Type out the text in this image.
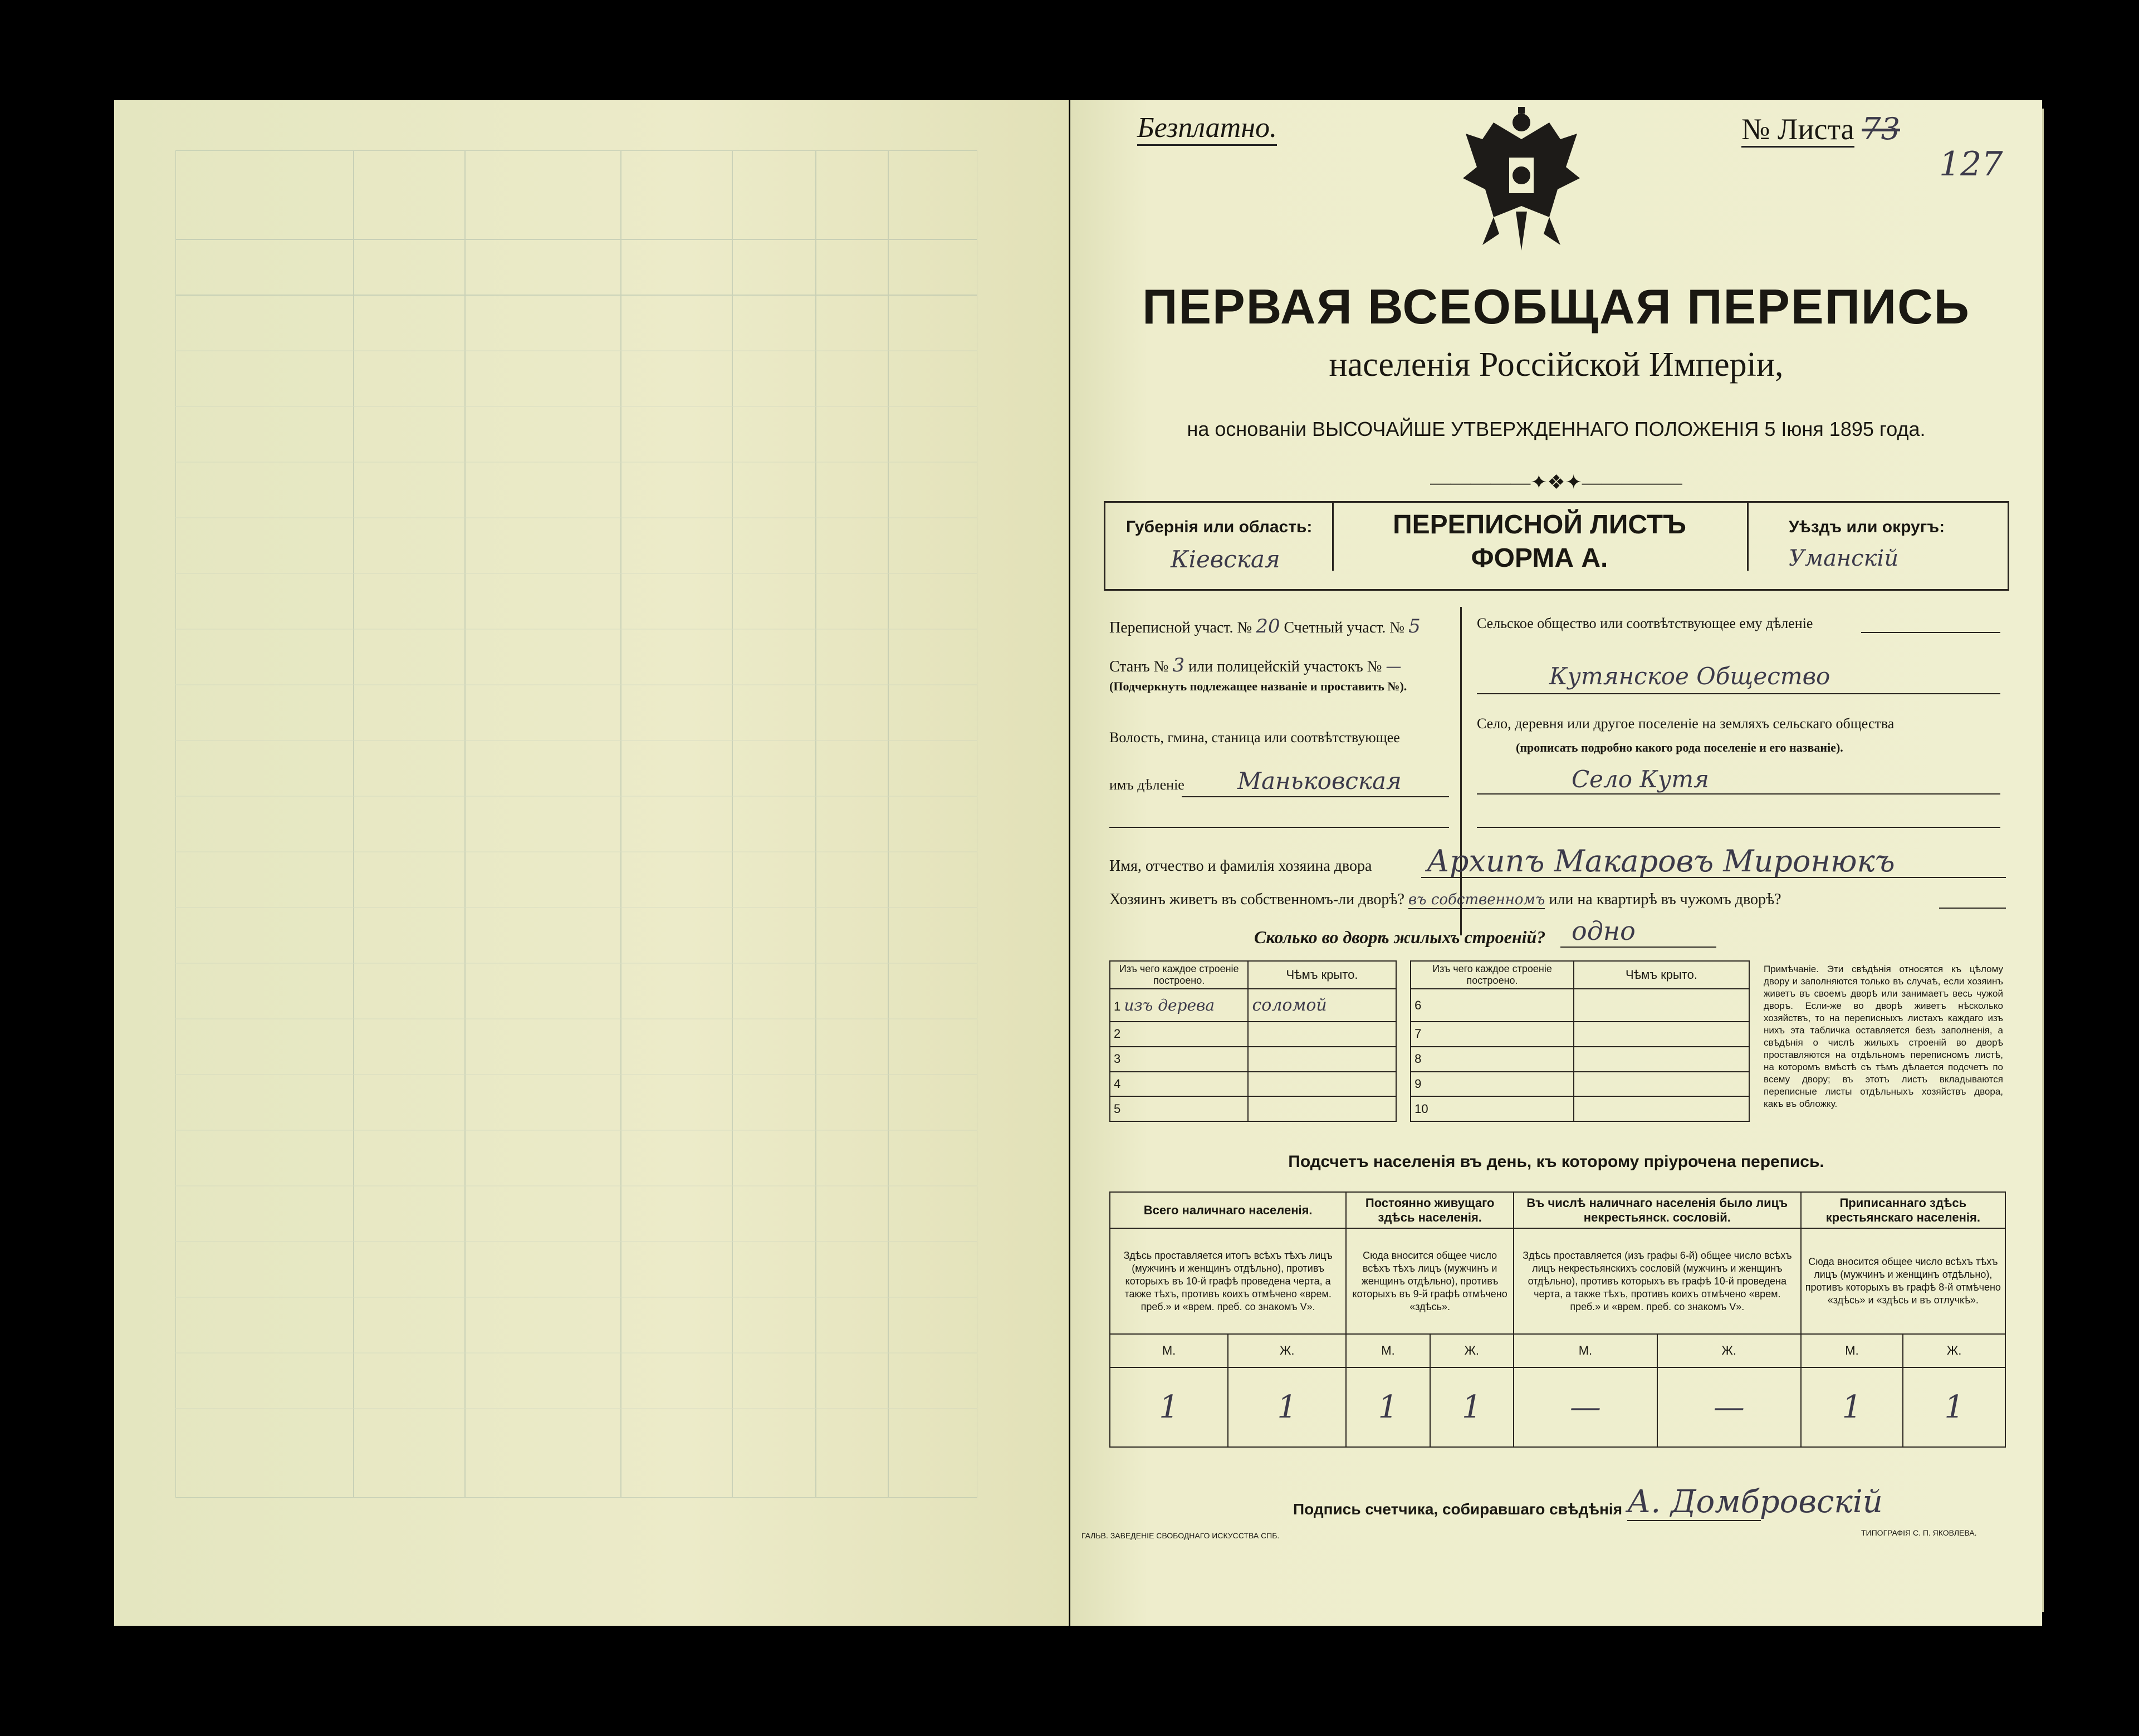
Безплатно.	№ Листа 73
127
ПЕРВАЯ ВСЕОБЩАЯ ПЕРЕПИСЬ
населенія Россійской Имперіи,
на основаніи ВЫСОЧАЙШЕ УТВЕРЖДЕННАГО ПОЛОЖЕНІЯ 5 Іюня 1895 года.
—————✦❖✦—————
Губернія или область:
Кіевская
ПЕРЕПИСНОЙ ЛИСТЪ
ФОРМА А.
Уѣздъ или округъ:
Уманскій
Переписной участ. № 20 Счетный участ. № 5
Станъ № 3 или полицейскій участокъ № —
(Подчеркнуть подлежащее названіе и проставить №).
Волость, гмина, станица или соотвѣтствующее
имъ дѣленіе Маньковская
Сельское общество или соотвѣтствующее ему дѣленіе
Кутянское Общество
Село, деревня или другое поселеніе на земляхъ сельскаго общества
(прописать подробно какого рода поселеніе и его названіе).
Село Кутя
Имя, отчество и фамилія хозяина двора Архипъ Макаровъ Миронюкъ
Хозяинъ живетъ въ собственномъ-ли дворѣ? въ собственномъ или на квартирѣ въ чужомъ дворѣ?
Сколько во дворѣ жилыхъ строеній? одно
Изъ чего каждое строеніе построено.	Чѣмъ крыто.		Изъ чего каждое строеніе построено.	Чѣмъ крыто.
1 изъ дерева	соломой		6	
2			7	
3			8	
4			9	
5			10	
Примѣчаніе. Эти свѣдѣнія относятся къ цѣлому двору и заполняются только въ случаѣ, если хозяинъ живетъ въ своемъ дворѣ или занимаетъ весь чужой дворъ. Если-же во дворѣ живетъ нѣсколько хозяйствъ, то на переписныхъ листахъ каждаго изъ нихъ эта табличка оставляется безъ заполненія, а свѣдѣнія о числѣ жилыхъ строеній во дворѣ проставляются на отдѣльномъ переписномъ листѣ, на которомъ вмѣстѣ съ тѣмъ дѣлается подсчетъ по всему двору; въ этотъ листъ вкладываются переписные листы отдѣльныхъ хозяйствъ двора, какъ въ обложку.
Подсчетъ населенія въ день, къ которому пріурочена перепись.
Всего наличнаго населенія.		Постоянно живущаго здѣсь населенія.		Въ числѣ наличнаго населенія было лицъ некрестьянск. сословій.		Приписаннаго здѣсь крестьянскаго населенія.	
Здѣсь проставляется итогъ всѣхъ тѣхъ лицъ (мужчинъ и женщинъ отдѣльно), противъ которыхъ въ 10-й графѣ проведена черта, а также тѣхъ, противъ коихъ отмѣчено «врем. преб.» и «врем. преб. со знакомъ V».		Сюда вносится общее число всѣхъ тѣхъ лицъ (мужчинъ и женщинъ отдѣльно), противъ которыхъ въ 9-й графѣ отмѣчено «здѣсь».		Здѣсь проставляется (изъ графы 6-й) общее число всѣхъ лицъ некрестьянскихъ сословій (мужчинъ и женщинъ отдѣльно), противъ которыхъ въ графѣ 10-й проведена черта, а также тѣхъ, противъ коихъ отмѣчено «врем. преб.» и «врем. преб. со знакомъ V».		Сюда вносится общее число всѣхъ тѣхъ лицъ (мужчинъ и женщинъ отдѣльно), противъ которыхъ въ графѣ 8-й отмѣчено «здѣсь» и «здѣсь и въ отлучкѣ».	
М.	Ж.	М.	Ж.	М.	Ж.	М.	Ж.
1	1	1	1	—	—	1	1
Подпись счетчика, собиравшаго свѣдѣнія А. Домбровскій
ГАЛЬВ. ЗАВЕДЕНІЕ СВОБОДНАГО ИСКУССТВА СПБ.	ТИПОГРАФІЯ С. П. ЯКОВЛЕВА.
